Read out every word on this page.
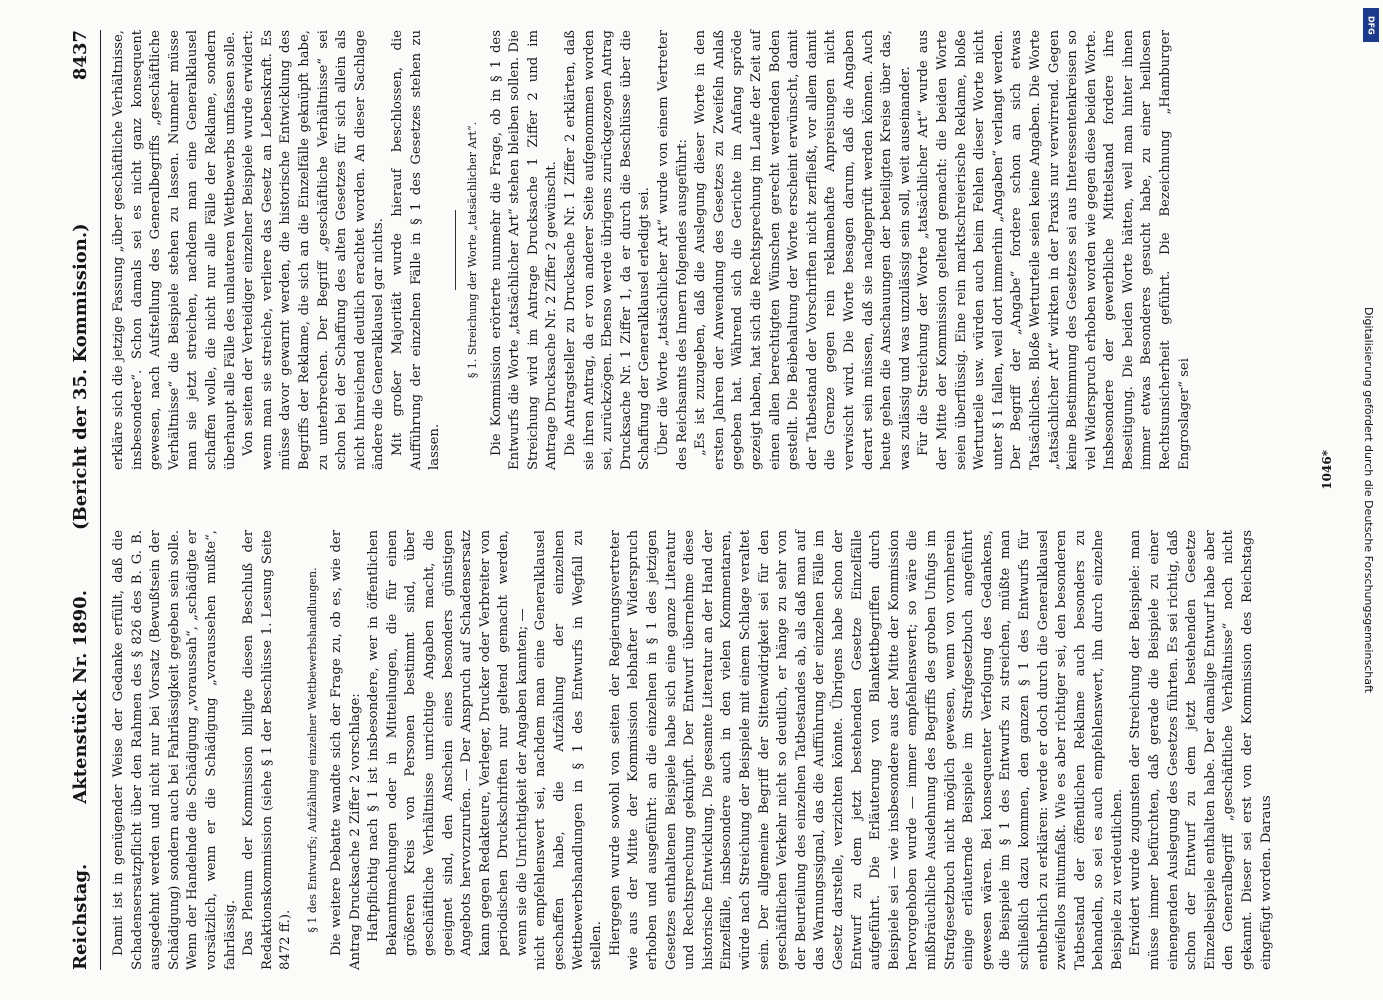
Reichstag.
Aktenstück Nr. 1890.
(Bericht der 35. Kommission.)
8437

Damit ist in genügender Weise der Gedanke erfüllt, daß die Schadensersatzpflicht über den Rahmen des § 826 des B. G. B. ausgedehnt werden und nicht nur bei Vorsatz (Bewußtsein der Schädigung) sondern auch bei Fahrlässigkeit gegeben sein solle. Wenn der Handelnde die Schädigung „voraussah“, „schädigte er vorsätzlich, wenn er die Schädigung „voraussehen mußte“, fahrlässig. Das Plenum der Kommission billigte diesen Beschluß der Redaktionskommission (siehe § 1 der Beschlüsse 1. Lesung Seite 8472 ff.).

§ 1 des Entwurfs; Aufzählung einzelner Wettbewerbshandlungen. Die weitere Debatte wandte sich der Frage zu, ob es, wie der Antrag Drucksache 2 Ziffer 2 vorschlage: Haftpflichtig nach § 1 ist insbesondere, wer in öffentlichen Bekanntmachungen oder in Mitteilungen, die für einen größeren Kreis von Personen bestimmt sind, über geschäftliche Verhältnisse unrichtige Angaben macht, die geeignet sind, den Anschein eines besonders günstigen Angebots hervorzurufen. — Der Anspruch auf Schadensersatz kann gegen Redakteure, Verleger, Drucker oder Verbreiter von periodischen Druckschriften nur geltend gemacht werden, wenn sie die Unrichtigkeit der Angaben kannten; — nicht empfehlenswert sei, nachdem man eine Generalklausel geschaffen habe, die Aufzählung der einzelnen Wettbewerbshandlungen in § 1 des Entwurfs in Wegfall zu stellen. Hiergegen wurde sowohl von seiten der Regierungsvertreter wie aus der Mitte der Kommission lebhafter Widerspruch erhoben und ausgeführt: an die einzelnen in § 1 des jetzigen Gesetzes enthaltenen Beispiele habe sich eine ganze Literatur und Rechtsprechung geknüpft. Der Entwurf übernehme diese historische Entwicklung. Die gesamte Literatur an der Hand der Einzelfälle, insbesondere auch in den vielen Kommentaren, würde nach Streichung der Beispiele mit einem Schlage veraltet sein. Der allgemeine Begriff der Sittenwidrigkeit sei für den geschäftlichen Verkehr nicht so deutlich, er hänge zu sehr von der Beurteilung des einzelnen Tatbestandes ab, als daß man auf das Warnungssignal, das die Aufführung der einzelnen Fälle im Gesetz darstelle, verzichten könnte. Übrigens habe schon der Entwurf zu dem jetzt bestehenden Gesetze Einzelfälle aufgeführt. Die Erläuterung von Blankettbegriffen durch Beispiele sei — wie insbesondere aus der Mitte der Kommission hervorgehoben wurde — immer empfehlenswert; so wäre die mißbräuchliche Ausdehnung des Begriffs des groben Unfugs im Strafgesetzbuch nicht möglich gewesen, wenn von vornherein einige erläuternde Beispiele im Strafgesetzbuch angeführt gewesen wären. Bei konsequenter Verfolgung des Gedankens, die Beispiele im § 1 des Entwurfs zu streichen, müßte man schließlich dazu kommen, den ganzen § 1 des Entwurfs für entbehrlich zu erklären: werde er doch durch die Generalklausel zweifellos mitumfaßt. Wie es aber richtiger sei, den besonderen Tatbestand der öffentlichen Reklame auch besonders zu behandeln, so sei es auch empfehlenswert, ihn durch einzelne Beispiele zu verdeutlichen. Erwidert wurde zugunsten der Streichung der Beispiele: man müsse immer befürchten, daß gerade die Beispiele zu einer einengenden Auslegung des Gesetzes führten. Es sei richtig, daß schon der Entwurf zu dem jetzt bestehenden Gesetze Einzelbeispiele enthalten habe. Der damalige Entwurf habe aber den Generalbegriff „geschäftliche Verhältnisse“ noch nicht gekannt. Dieser sei erst von der Kommission des Reichstags eingefügt worden. Daraus

erkläre sich die jetzige Fassung „über geschäftliche Verhältnisse, insbesondere“. Schon damals sei es nicht ganz konsequent gewesen, nach Aufstellung des Generalbegriffs „geschäftliche Verhältnisse“ die Beispiele stehen zu lassen. Nunmehr müsse man sie jetzt streichen, nachdem man eine Generalklausel schaffen wolle, die nicht nur alle Fälle der Reklame, sondern überhaupt alle Fälle des unlauteren Wettbewerbs umfassen solle. Von seiten der Verteidiger einzelner Beispiele wurde erwidert: wenn man sie streiche, verliere das Gesetz an Lebenskraft. Es müsse davor gewarnt werden, die historische Entwicklung des Begriffs der Reklame, die sich an die Einzelfälle geknüpft habe, zu unterbrechen. Der Begriff „geschäftliche Verhältnisse“ sei schon bei der Schaffung des alten Gesetzes für sich allein als nicht hinreichend deutlich erachtet worden. An dieser Sachlage ändere die Generalklausel gar nichts. Mit großer Majorität wurde hierauf beschlossen, die Aufführung der einzelnen Fälle in § 1 des Gesetzes stehen zu lassen.

§ 1. Streichung der Worte „tatsächlicher Art“. Die Kommission erörterte nunmehr die Frage, ob in § 1 des Entwurfs die Worte „tatsächlicher Art“ stehen bleiben sollen. Die Streichung wird im Antrage Drucksache 1 Ziffer 2 und im Antrage Drucksache Nr. 2 Ziffer 2 gewünscht. Die Antragsteller zu Drucksache Nr. 1 Ziffer 2 erklärten, daß sie ihren Antrag, da er von anderer Seite aufgenommen worden sei, zurückzögen. Ebenso werde übrigens zurückgezogen Antrag Drucksache Nr. 1 Ziffer 1, da er durch die Beschlüsse über die Schaffung der Generalklausel erledigt sei. Über die Worte „tatsächlicher Art“ wurde von einem Vertreter des Reichsamts des Innern folgendes ausgeführt: „Es ist zuzugeben, daß die Auslegung dieser Worte in den ersten Jahren der Anwendung des Gesetzes zu Zweifeln Anlaß gegeben hat. Während sich die Gerichte im Anfang spröde gezeigt haben, hat sich die Rechtsprechung im Laufe der Zeit auf einen allen berechtigten Wünschen gerecht werdenden Boden gestellt. Die Beibehaltung der Worte erscheint erwünscht, damit der Tatbestand der Vorschriften nicht zerfließt, vor allem damit die Grenze gegen rein reklamehafte Anpreisungen nicht verwischt wird. Die Worte besagen darum, daß die Angaben derart sein müssen, daß sie nachgeprüft werden können. Auch heute gehen die Anschauungen der beteiligten Kreise über das, was zulässig und was unzulässig sein soll, weit auseinander. Für die Streichung der Worte „tatsächlicher Art“ wurde aus der Mitte der Kommission geltend gemacht: die beiden Worte seien überflüssig. Eine rein marktschreierische Reklame, bloße Werturteile usw. würden auch beim Fehlen dieser Worte nicht unter § 1 fallen, weil dort immerhin „Angaben“ verlangt werden. Der Begriff der „Angabe“ fordere schon an sich etwas Tatsächliches. Bloße Werturteile seien keine Angaben. Die Worte „tatsächlicher Art“ wirkten in der Praxis nur verwirrend. Gegen keine Bestimmung des Gesetzes sei aus Interessentenkreisen so viel Widerspruch erhoben worden wie gegen diese beiden Worte. Insbesondere der gewerbliche Mittelstand fordere ihre Beseitigung. Die beiden Worte hätten, weil man hinter ihnen immer etwas Besonderes gesucht habe, zu einer heillosen Rechtsunsicherheit geführt. Die Bezeichnung „Hamburger Engroslager“ sei	1046*
DFG
Digitalisierung gefördert durch die Deutsche Forschungsgemeinschaft
